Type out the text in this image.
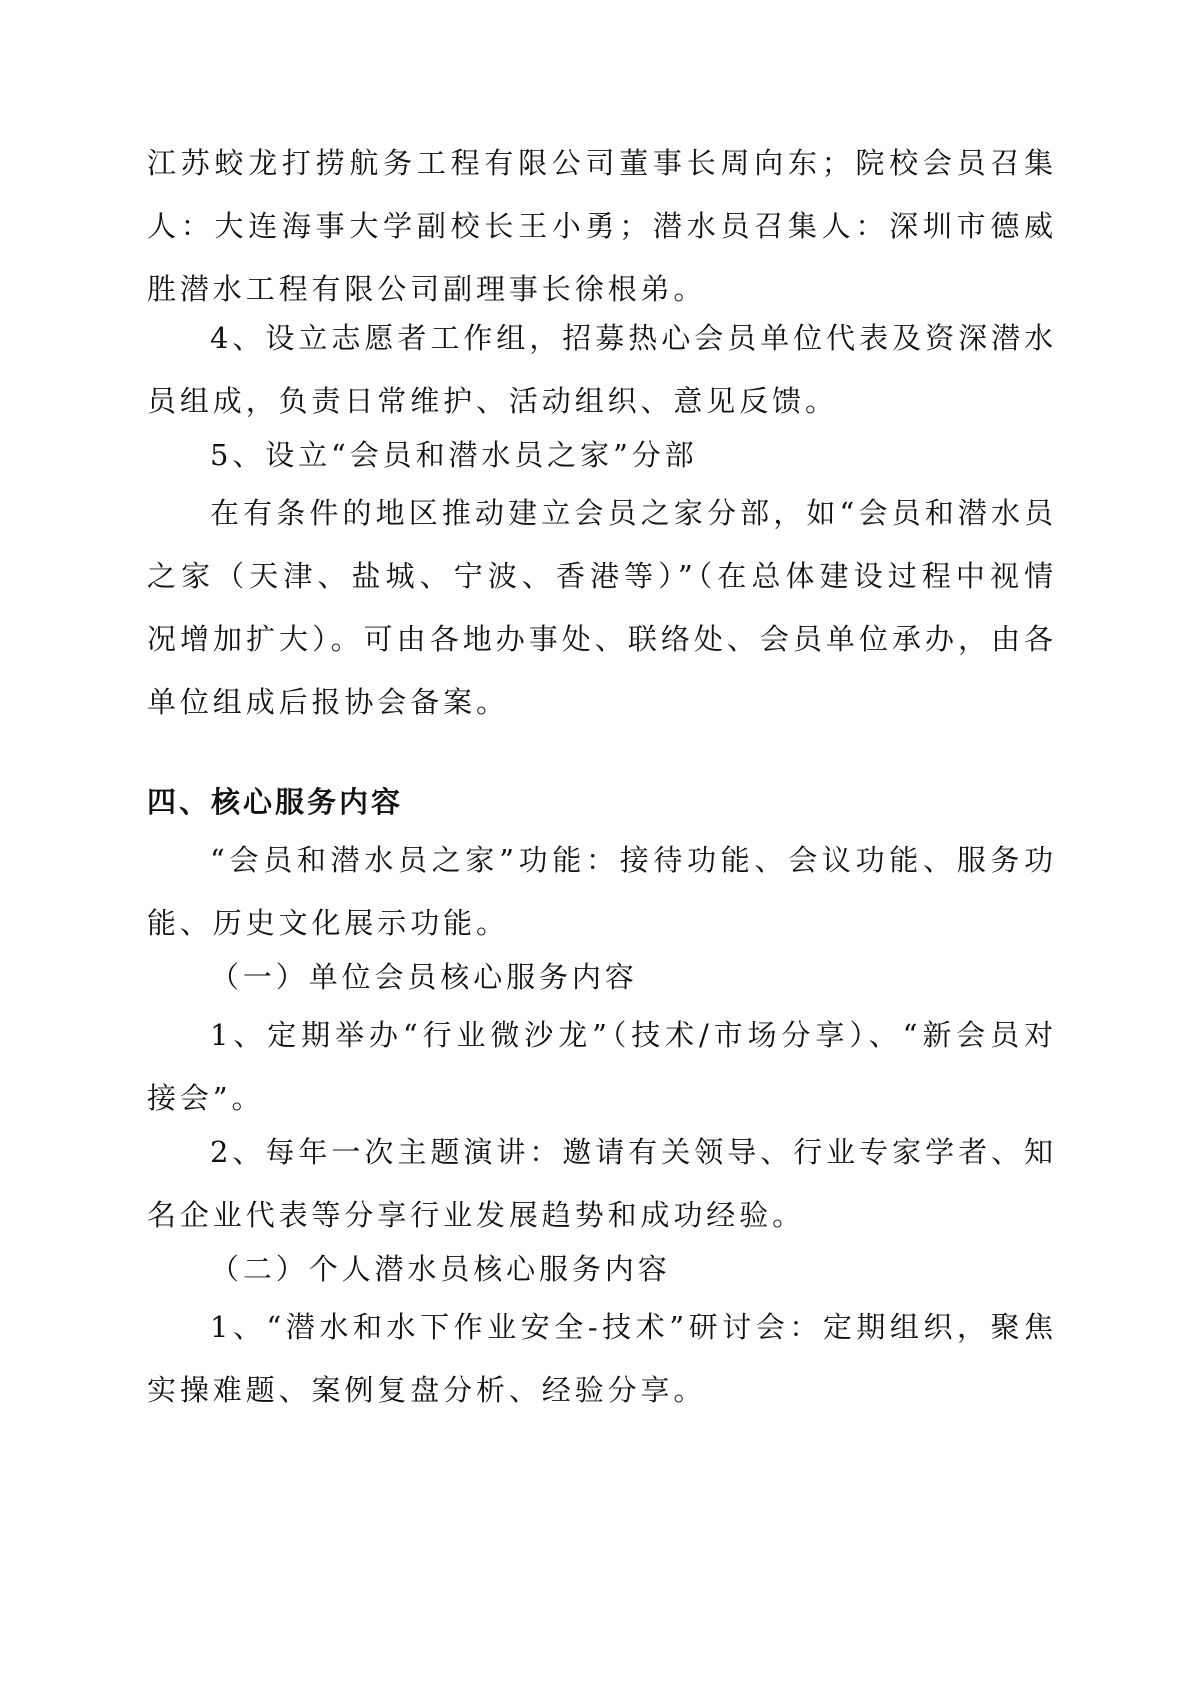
江苏蛟龙打捞航务工程有限公司董事长周向东；院校会员召集人：大连海事大学副校长王小勇；潜水员召集人：深圳市德威胜潜水工程有限公司副理事长徐根弟。

4、设立志愿者工作组，招募热心会员单位代表及资深潜水员组成，负责日常维护、活动组织、意见反馈。

5、设立“会员和潜水员之家”分部

在有条件的地区推动建立会员之家分部，如“会员和潜水员之家（天津、盐城、宁波、香港等）”（在总体建设过程中视情况增加扩大）。可由各地办事处、联络处、会员单位承办，由各单位组成后报协会备案。

四、核心服务内容

“会员和潜水员之家”功能：接待功能、会议功能、服务功能、历史文化展示功能。

（一）单位会员核心服务内容

1、定期举办“行业微沙龙”（技术/市场分享）、“新会员对接会”。

2、每年一次主题演讲：邀请有关领导、行业专家学者、知名企业代表等分享行业发展趋势和成功经验。

（二）个人潜水员核心服务内容

1、“潜水和水下作业安全-技术”研讨会：定期组织，聚焦实操难题、案例复盘分析、经验分享。
